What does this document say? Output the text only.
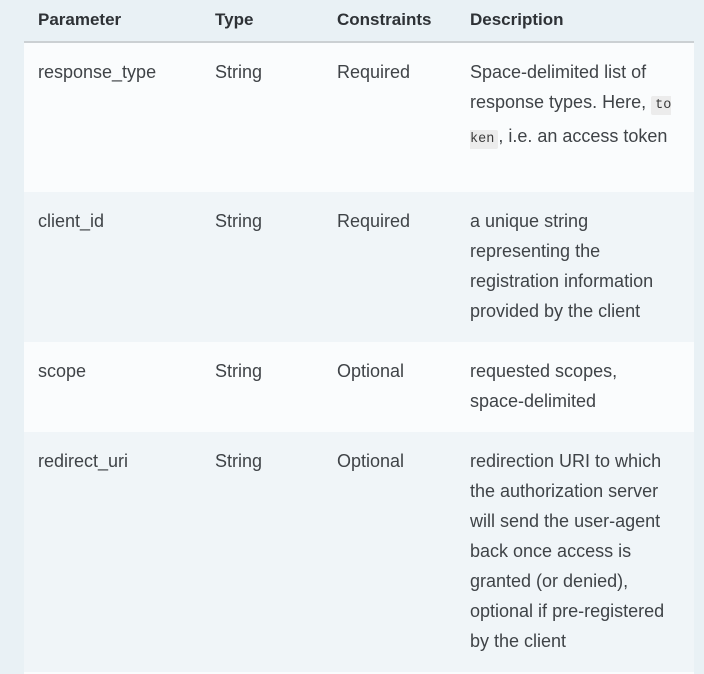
Parameter	Type	Constraints	Description
response_type	String	Required	Space-delimited list of response types. Here, token , i.e. an access token
client_id	String	Required	a unique string representing the registration information provided by the client
scope	String	Optional	requested scopes, space-delimited
redirect_uri	String	Optional	redirection URI to which the authorization server will send the user-agent back once access is granted (or denied), optional if pre-registered by the client
